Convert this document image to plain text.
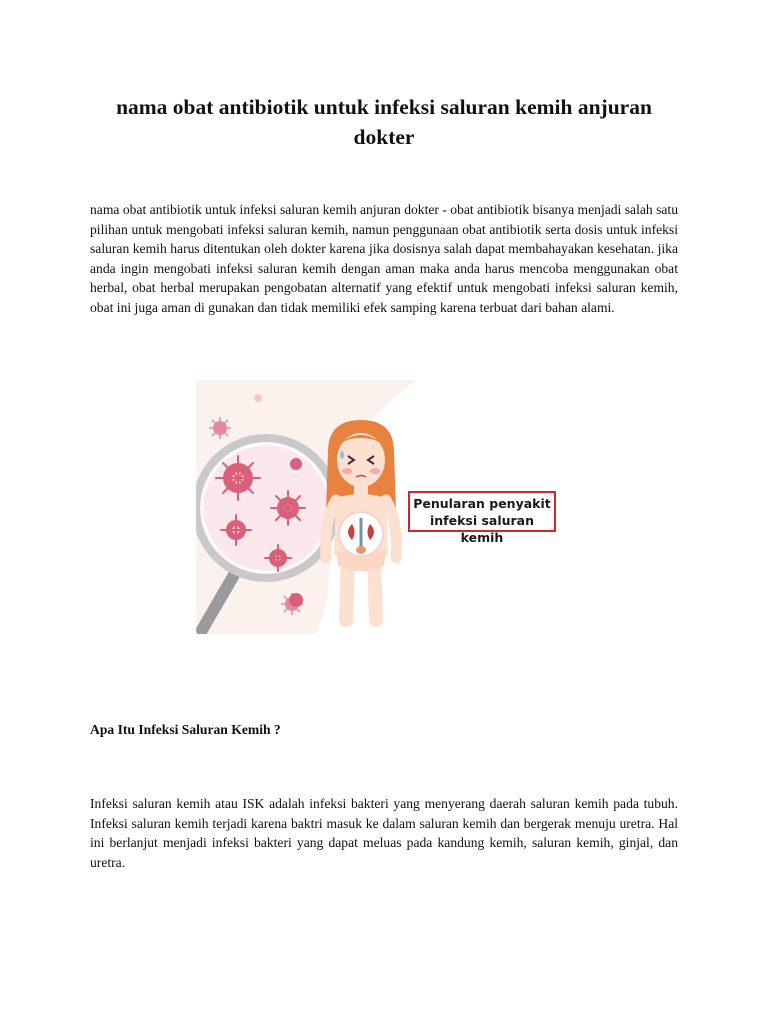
nama obat antibiotik untuk infeksi saluran kemih anjuran dokter

nama obat antibiotik untuk infeksi saluran kemih anjuran dokter - obat antibiotik bisanya menjadi salah satu pilihan untuk mengobati infeksi saluran kemih, namun penggunaan obat antibiotik serta dosis untuk infeksi saluran kemih harus ditentukan oleh dokter karena jika dosisnya salah dapat membahayakan kesehatan. jika anda ingin mengobati infeksi saluran kemih dengan aman maka anda harus mencoba menggunakan obat herbal, obat herbal merupakan pengobatan alternatif yang efektif untuk mengobati infeksi saluran kemih, obat ini juga aman di gunakan dan tidak memiliki efek samping karena terbuat dari bahan alami.

Penularan penyakit
infeksi saluran kemih
Apa Itu Infeksi Saluran Kemih ?

Infeksi saluran kemih atau ISK adalah infeksi bakteri yang menyerang daerah saluran kemih pada tubuh. Infeksi saluran kemih terjadi karena baktri masuk ke dalam saluran kemih dan bergerak menuju uretra. Hal ini berlanjut menjadi infeksi bakteri yang dapat meluas pada kandung kemih, saluran kemih, ginjal, dan uretra.
